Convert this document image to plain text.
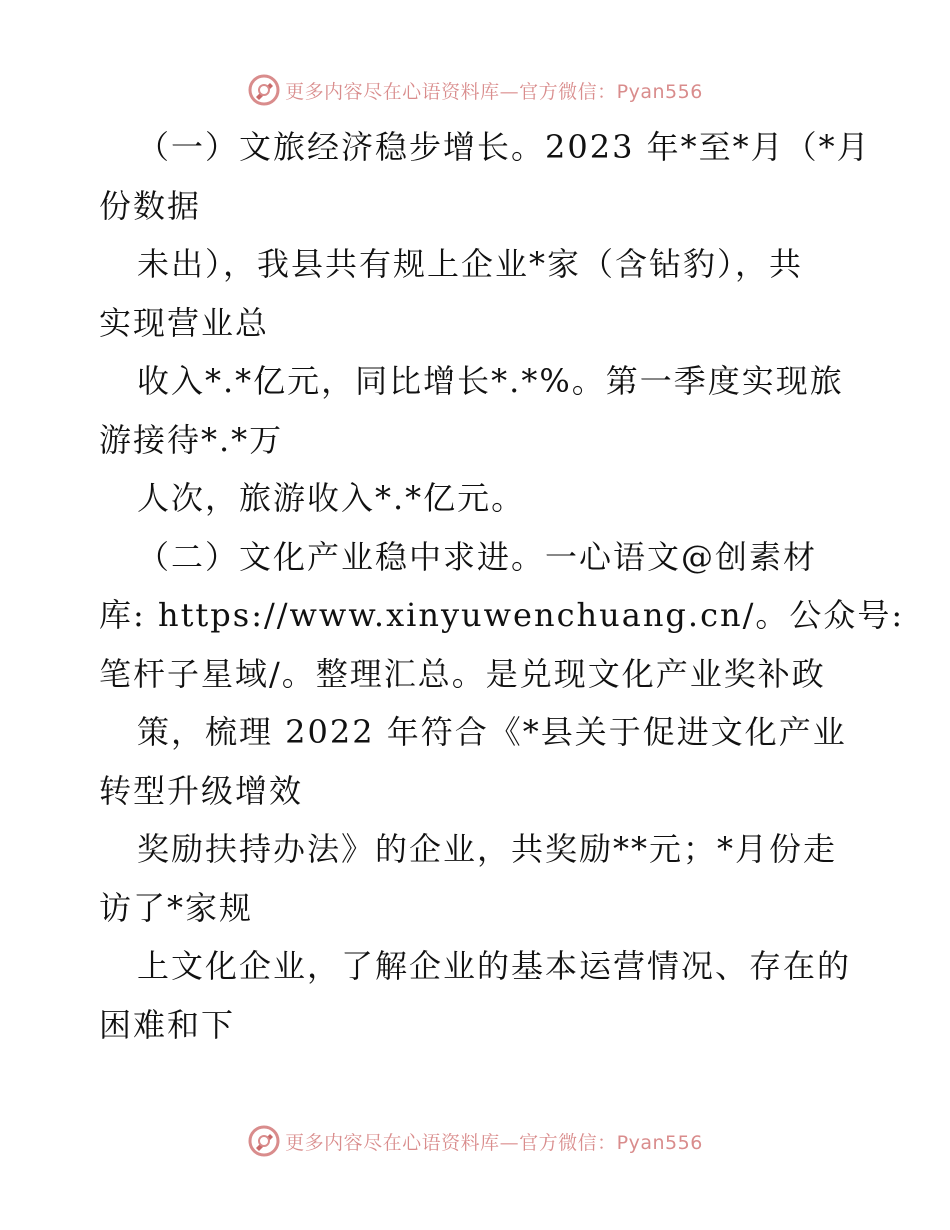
更多内容尽在心语资料库—官方微信：Pyan556
（一）文旅经济稳步增长。2023 年*至*月（*月
份数据
未出），我县共有规上企业*家（含钻豹），共
实现营业总
收入*.*亿元，同比增长*.*%。第一季度实现旅
游接待*.*万
人次，旅游收入*.*亿元。
（二）文化产业稳中求进。一心语文@创素材
库: https://www.xinyuwenchuang.cn/。公众号:
笔杆子星域/。整理汇总。是兑现文化产业奖补政
策，梳理 2022 年符合《*县关于促进文化产业
转型升级增效
奖励扶持办法》的企业，共奖励**元；*月份走
访了*家规
上文化企业，了解企业的基本运营情况、存在的
困难和下
更多内容尽在心语资料库—官方微信：Pyan556
